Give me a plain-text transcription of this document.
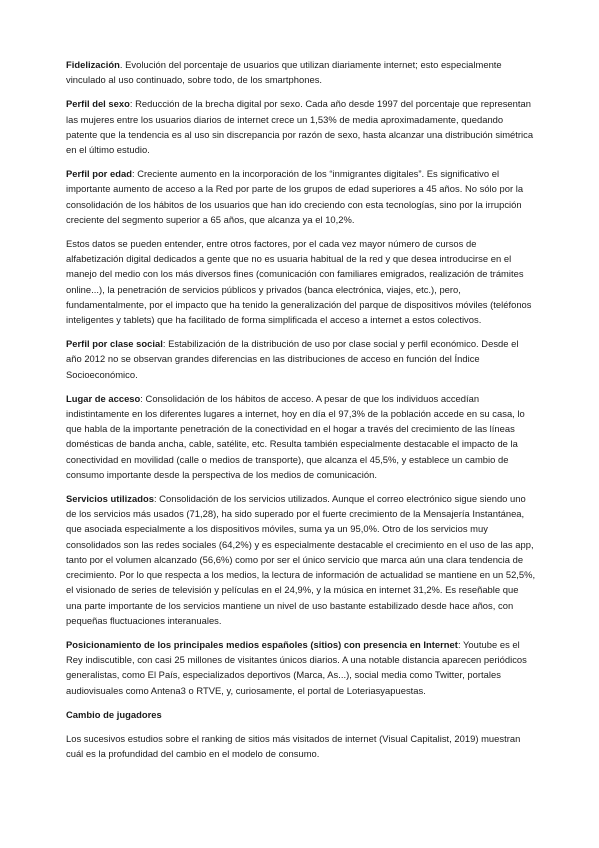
Fidelización. Evolución del porcentaje de usuarios que utilizan diariamente internet; esto especialmente vinculado al uso continuado, sobre todo, de los smartphones.

Perfil del sexo: Reducción de la brecha digital por sexo. Cada año desde 1997 del porcentaje que representan las mujeres entre los usuarios diarios de internet crece un 1,53% de media aproximadamente, quedando patente que la tendencia es al uso sin discrepancia por razón de sexo, hasta alcanzar una distribución simétrica en el último estudio.

Perfil por edad: Creciente aumento en la incorporación de los “inmigrantes digitales”. Es significativo el importante aumento de acceso a la Red por parte de los grupos de edad superiores a 45 años. No sólo por la consolidación de los hábitos de los usuarios que han ido creciendo con esta tecnologías, sino por la irrupción creciente del segmento superior a 65 años, que alcanza ya el 10,2%.

Estos datos se pueden entender, entre otros factores, por el cada vez mayor número de cursos de alfabetización digital dedicados a gente que no es usuaria habitual de la red y que desea introducirse en el manejo del medio con los más diversos fines (comunicación con familiares emigrados, realización de trámites online...), la penetración de servicios públicos y privados (banca electrónica, viajes, etc.), pero, fundamentalmente, por el impacto que ha tenido la generalización del parque de dispositivos móviles (teléfonos inteligentes y tablets) que ha facilitado de forma simplificada el acceso a internet a estos colectivos.

Perfil por clase social: Estabilización de la distribución de uso por clase social y perfil económico. Desde el año 2012 no se observan grandes diferencias en las distribuciones de acceso en función del Índice Socioeconómico.

Lugar de acceso: Consolidación de los hábitos de acceso. A pesar de que los individuos accedían indistintamente en los diferentes lugares a internet, hoy en día el 97,3% de la población accede en su casa, lo que habla de la importante penetración de la conectividad en el hogar a través del crecimiento de las líneas domésticas de banda ancha, cable, satélite, etc. Resulta también especialmente destacable el impacto de la conectividad en movilidad (calle o medios de transporte), que alcanza el 45,5%, y establece un cambio de consumo importante desde la perspectiva de los medios de comunicación.

Servicios utilizados: Consolidación de los servicios utilizados. Aunque el correo electrónico sigue siendo uno de los servicios más usados (71,28), ha sido superado por el fuerte crecimiento de la Mensajería Instantánea, que asociada especialmente a los dispositivos móviles, suma ya un 95,0%. Otro de los servicios muy consolidados son las redes sociales (64,2%) y es especialmente destacable el crecimiento en el uso de las app, tanto por el volumen alcanzado (56,6%) como por ser el único servicio que marca aún una clara tendencia de crecimiento. Por lo que respecta a los medios, la lectura de información de actualidad se mantiene en un 52,5%, el visionado de series de televisión y películas en el 24,9%, y la música en internet 31,2%. Es reseñable que una parte importante de los servicios mantiene un nivel de uso bastante estabilizado desde hace años, con pequeñas fluctuaciones interanuales.

Posicionamiento de los principales medios españoles (sitios) con presencia en Internet: Youtube es el Rey indiscutible, con casi 25 millones de visitantes únicos diarios. A una notable distancia aparecen periódicos generalistas, como El País, especializados deportivos (Marca, As...), social media como Twitter, portales audiovisuales como Antena3 o RTVE, y, curiosamente, el portal de Loteriasyapuestas.

Cambio de jugadores

Los sucesivos estudios sobre el ranking de sitios más visitados de internet (Visual Capitalist, 2019) muestran cuál es la profundidad del cambio en el modelo de consumo.
